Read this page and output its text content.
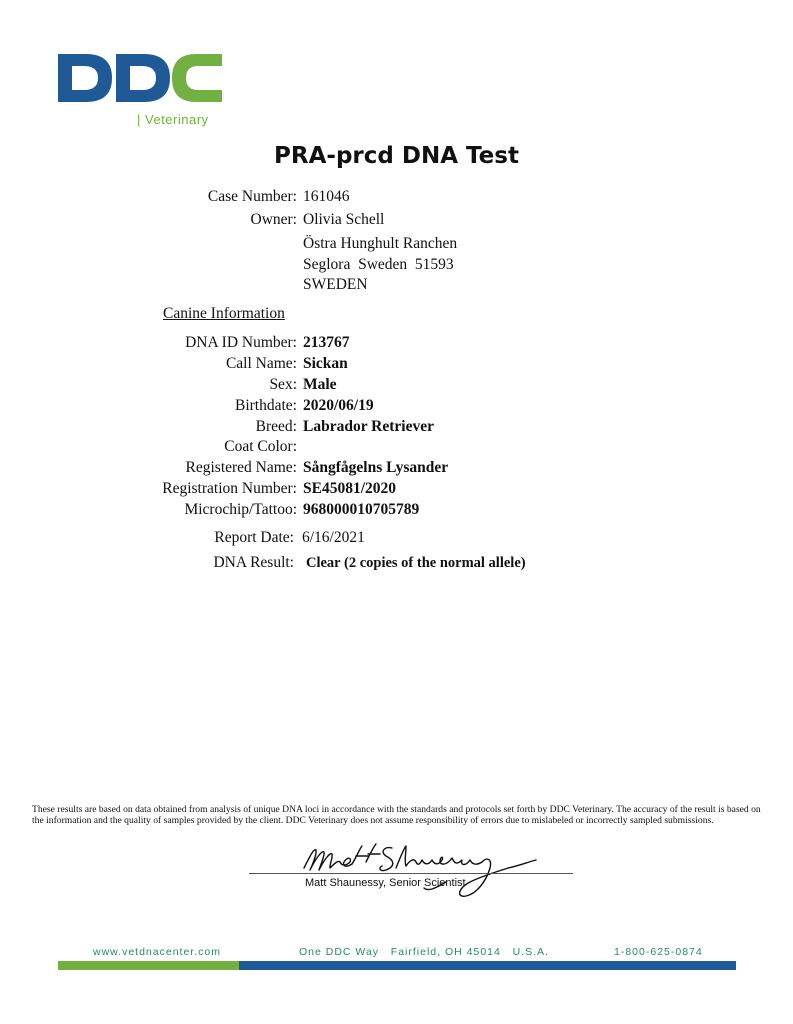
| Veterinary
PRA-prcd DNA Test
Case Number: 161046
Owner: Olivia Schell
Östra Hunghult Ranchen
Seglora  Sweden  51593
SWEDEN
Canine Information
DNA ID Number: 213767
Call Name: Sickan
Sex: Male
Birthdate: 2020/06/19
Breed: Labrador Retriever
Coat Color:
Registered Name: Sångfågelns Lysander
Registration Number: SE45081/2020
Microchip/Tattoo: 968000010705789
Report Date: 6/16/2021
DNA Result: Clear (2 copies of the normal allele)
These results are based on data obtained from analysis of unique DNA loci in accordance with the standards and protocols set forth by DDC Veterinary. The accuracy of the result is based on the information and the quality of samples provided by the client. DDC Veterinary does not assume responsibility of errors due to mislabeled or incorrectly sampled submissions.
Matt Shaunessy, Senior Scientist
www.vetdnacenter.com	One DDC Way   Fairfield, OH 45014   U.S.A.	1-800-625-0874
